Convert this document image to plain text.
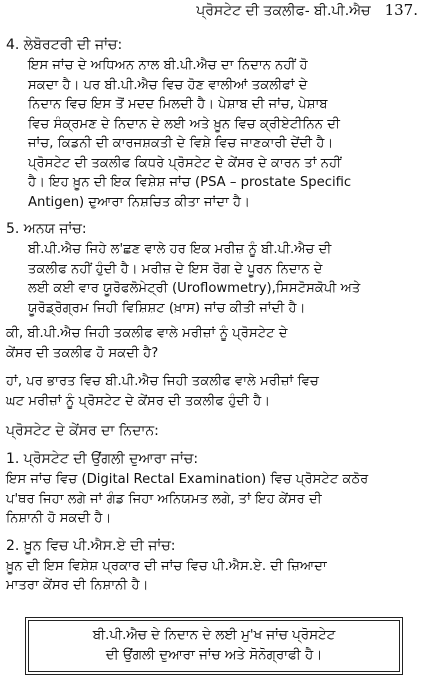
ਪ੍ਰੋਸਟੇਟ ਦੀ ਤਕਲੀਫ- ਬੀ.ਪੀ.ਐਚ 137.

4. ਲੇਬੋਰਟਰੀ ਦੀ ਜਾਂਚ:

ਇਸ ਜਾਂਚ ਦੇ ਅਧਿਅਨ ਨਾਲ ਬੀ.ਪੀ.ਐਚ ਦਾ ਨਿਦਾਨ ਨਹੀਂ ਹੋ

ਸਕਦਾ ਹੈ। ਪਰ ਬੀ.ਪੀ.ਐਚ ਵਿਚ ਹੋਣ ਵਾਲੀਆਂ ਤਕਲੀਫਾਂ ਦੇ

ਨਿਦਾਨ ਵਿਚ ਇਸ ਤੋਂ ਮਦਦ ਮਿਲਦੀ ਹੈ। ਪੇਸ਼ਾਬ ਦੀ ਜਾਂਚ, ਪੇਸ਼ਾਬ

ਵਿਚ ਸੰਕ੍ਰਮਣ ਦੇ ਨਿਦਾਨ ਦੇ ਲਈ ਅਤੇ ਖ਼ੂਨ ਵਿਚ ਕ੍ਰੀਏਟੀਨਿਨ ਦੀ

ਜਾਂਚ, ਕਿਡਨੀ ਦੀ ਕਾਰਜਸ਼ਕਤੀ ਦੇ ਵਿਸ਼ੇ ਵਿਚ ਜਾਣਕਾਰੀ ਦੇਂਦੀ ਹੈ।

ਪ੍ਰੋਸਟੇਟ ਦੀ ਤਕਲੀਫ ਕਿਧਰੇ ਪ੍ਰੋਸਟੇਟ ਦੇ ਕੇਂਸਰ ਦੇ ਕਾਰਨ ਤਾਂ ਨਹੀਂ

ਹੈ। ਇਹ ਖ਼ੂਨ ਦੀ ਇਕ ਵਿਸ਼ੇਸ਼ ਜਾਂਚ (PSA – prostate Specific

Antigen) ਦੁਆਰਾ ਨਿਸ਼ਚਿਤ ਕੀਤਾ ਜਾਂਦਾ ਹੈ।

5. ਅਨਯ ਜਾਂਚ:

ਬੀ.ਪੀ.ਐਚ ਜਿਹੇ ਲ'ਛਣ ਵਾਲੇ ਹਰ ਇਕ ਮਰੀਜ਼ ਨੂੰ ਬੀ.ਪੀ.ਐਚ ਦੀ

ਤਕਲੀਫ ਨਹੀਂ ਹੁੰਦੀ ਹੈ। ਮਰੀਜ਼ ਦੇ ਇਸ ਰੋਗ ਦੇ ਪੂਰਨ ਨਿਦਾਨ ਦੇ

ਲਈ ਕਈ ਵਾਰ ਯੂਰੋਫਲੋਮੇਟ੍ਰੀ (Uroflowmetry),ਸਿਸਟੋਸਕੋਪੀ ਅਤੇ

ਯੂਰੋਡ੍ਰੋਗ੍ਰਮ ਜਿਹੀ ਵਿਸ਼ਿਸ਼ਟ (ਖ਼ਾਸ) ਜਾਂਚ ਕੀਤੀ ਜਾਂਦੀ ਹੈ।

ਕੀ, ਬੀ.ਪੀ.ਐਚ ਜਿਹੀ ਤਕਲੀਫ ਵਾਲੇ ਮਰੀਜ਼ਾਂ ਨੂੰ ਪ੍ਰੋਸਟੇਟ ਦੇ

ਕੇਂਸਰ ਦੀ ਤਕਲੀਫ ਹੋ ਸਕਦੀ ਹੈ?

ਹਾਂ, ਪਰ ਭਾਰਤ ਵਿਚ ਬੀ.ਪੀ.ਐਚ ਜਿਹੀ ਤਕਲੀਫ ਵਾਲੇ ਮਰੀਜ਼ਾਂ ਵਿਚ

ਘਟ ਮਰੀਜ਼ਾਂ ਨੂੰ ਪ੍ਰੋਸਟੇਟ ਦੇ ਕੇਂਸਰ ਦੀ ਤਕਲੀਫ ਹੁੰਦੀ ਹੈ।

ਪ੍ਰੋਸਟੇਟ ਦੇ ਕੇਂਸਰ ਦਾ ਨਿਦਾਨ:

1. ਪ੍ਰੋਸਟੇਟ ਦੀ ਉਂਗਲੀ ਦੁਆਰਾ ਜਾਂਚ:

ਇਸ ਜਾਂਚ ਵਿਚ (Digital Rectal Examination) ਵਿਚ ਪ੍ਰੋਸਟੇਟ ਕਠੋਰ

ਪ'ਥਰ ਜਿਹਾ ਲਗੇ ਜਾਂ ਗੰਡ ਜਿਹਾ ਅਨਿਯਮਤ ਲਗੇ, ਤਾਂ ਇਹ ਕੇਂਸਰ ਦੀ

ਨਿਸ਼ਾਨੀ ਹੋ ਸਕਦੀ ਹੈ।

2. ਖ਼ੂਨ ਵਿਚ ਪੀ.ਐਸ.ਏ ਦੀ ਜਾਂਚ:

ਖ਼ੂਨ ਦੀ ਇਸ ਵਿਸ਼ੇਸ਼ ਪ੍ਰਕਾਰ ਦੀ ਜਾਂਚ ਵਿਚ ਪੀ.ਐਸ.ਏ. ਦੀ ਜ਼ਿਆਦਾ

ਮਾਤਰਾ ਕੇਂਸਰ ਦੀ ਨਿਸ਼ਾਨੀ ਹੈ।

ਬੀ.ਪੀ.ਐਚ ਦੇ ਨਿਦਾਨ ਦੇ ਲਈ ਮੁ'ਖ ਜਾਂਚ ਪ੍ਰੋਸਟੇਟ
ਦੀ ਉਂਗਲੀ ਦੁਆਰਾ ਜਾਂਚ ਅਤੇ ਸੋਨੋਗ੍ਰਾਫੀ ਹੈ।
